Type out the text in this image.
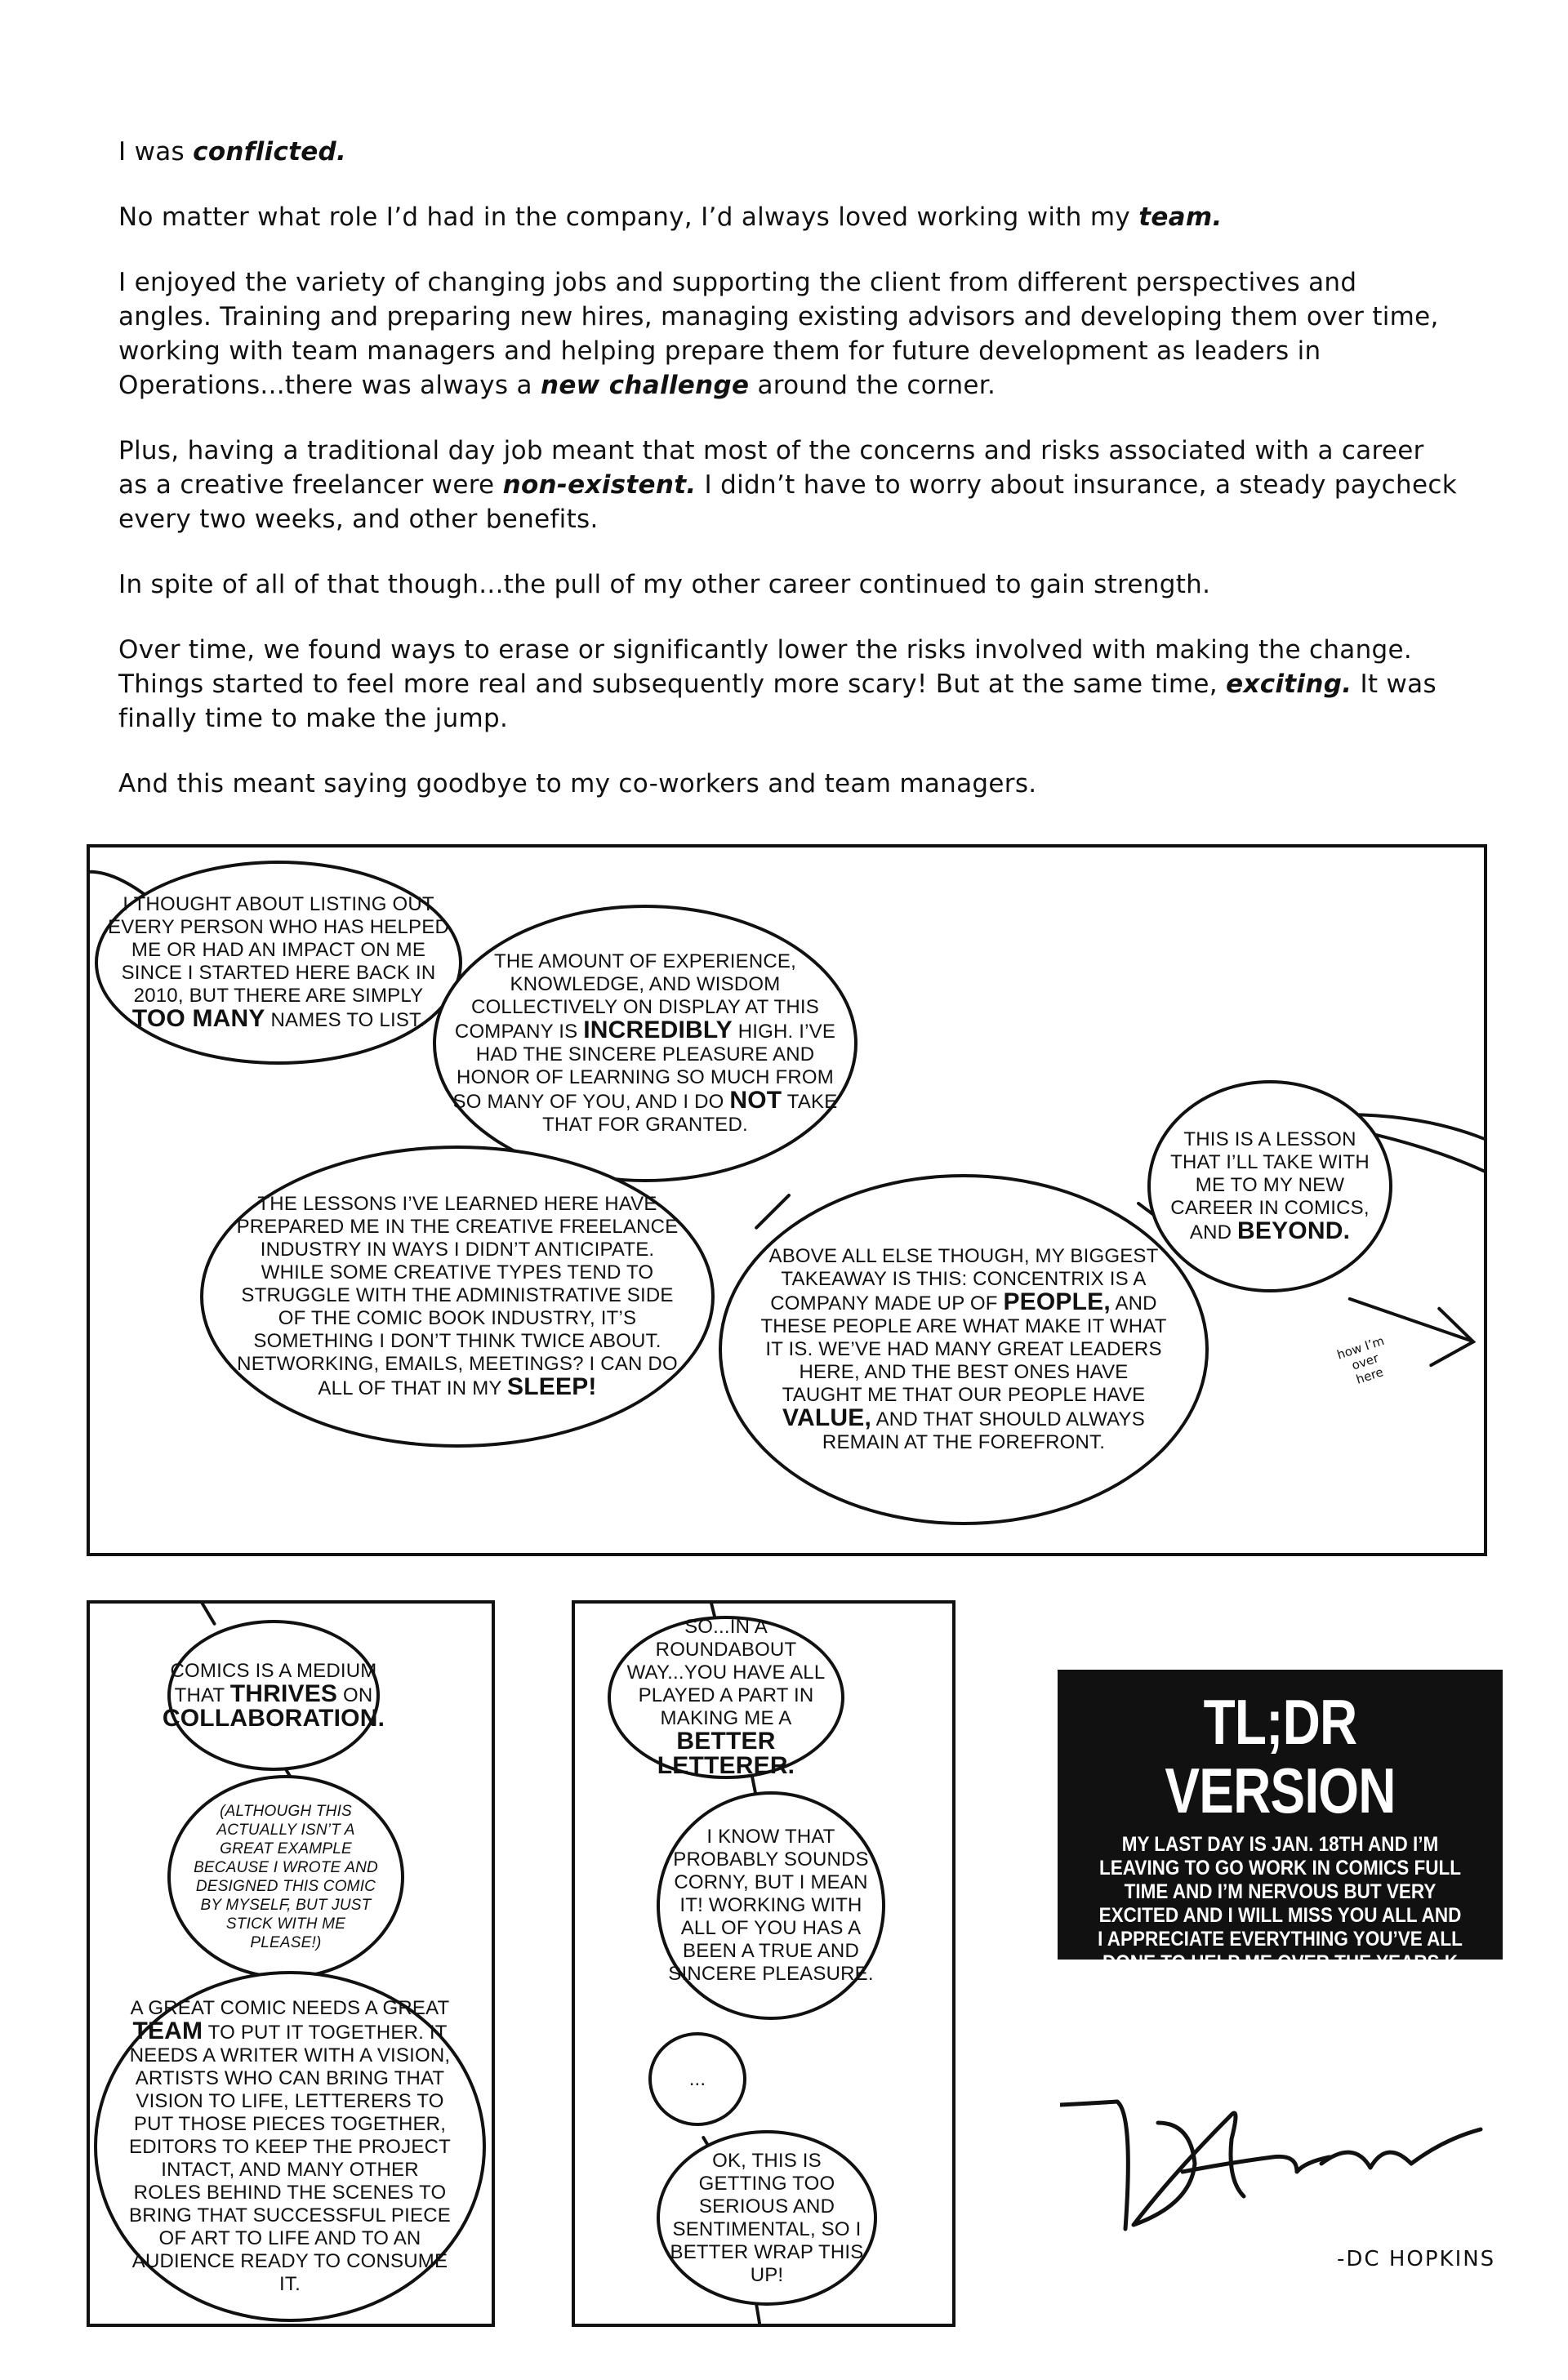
I was conflicted.

No matter what role I’d had in the company, I’d always loved working with my team.

I enjoyed the variety of changing jobs and supporting the client from different perspectives and angles. Training and preparing new hires, managing existing advisors and developing them over time, working with team managers and helping prepare them for future development as leaders in Operations...there was always a new challenge around the corner.

Plus, having a traditional day job meant that most of the concerns and risks associated with a career as a creative freelancer were non-existent. I didn’t have to worry about insurance, a steady paycheck every two weeks, and other benefits.

In spite of all of that though...the pull of my other career continued to gain strength.

Over time, we found ways to erase or significantly lower the risks involved with making the change. Things started to feel more real and subsequently more scary! But at the same time, exciting. It was finally time to make the jump.

And this meant saying goodbye to my co-workers and team managers.

I THOUGHT ABOUT LISTING OUT EVERY PERSON WHO HAS HELPED ME OR HAD AN IMPACT ON ME SINCE I STARTED HERE BACK IN 2010, BUT THERE ARE SIMPLY TOO MANY NAMES TO LIST.
THE AMOUNT OF EXPERIENCE, KNOWLEDGE, AND WISDOM COLLECTIVELY ON DISPLAY AT THIS COMPANY IS INCREDIBLY HIGH. I’VE HAD THE SINCERE PLEASURE AND HONOR OF LEARNING SO MUCH FROM SO MANY OF YOU, AND I DO NOT TAKE THAT FOR GRANTED.
THE LESSONS I’VE LEARNED HERE HAVE PREPARED ME IN THE CREATIVE FREELANCE INDUSTRY IN WAYS I DIDN’T ANTICIPATE. WHILE SOME CREATIVE TYPES TEND TO STRUGGLE WITH THE ADMINISTRATIVE SIDE OF THE COMIC BOOK INDUSTRY, IT’S SOMETHING I DON’T THINK TWICE ABOUT. NETWORKING, EMAILS, MEETINGS? I CAN DO ALL OF THAT IN MY SLEEP!
ABOVE ALL ELSE THOUGH, MY BIGGEST TAKEAWAY IS THIS: CONCENTRIX IS A COMPANY MADE UP OF PEOPLE, AND THESE PEOPLE ARE WHAT MAKE IT WHAT IT IS. WE’VE HAD MANY GREAT LEADERS HERE, AND THE BEST ONES HAVE TAUGHT ME THAT OUR PEOPLE HAVE VALUE, AND THAT SHOULD ALWAYS REMAIN AT THE FOREFRONT.
THIS IS A LESSON THAT I’LL TAKE WITH ME TO MY NEW CAREER IN COMICS, AND BEYOND.
how I’m over here
COMICS IS A MEDIUM THAT THRIVES ON COLLABORATION.
(ALTHOUGH THIS ACTUALLY ISN’T A GREAT EXAMPLE BECAUSE I WROTE AND DESIGNED THIS COMIC BY MYSELF, BUT JUST STICK WITH ME PLEASE!)
A GREAT COMIC NEEDS A GREAT TEAM TO PUT IT TOGETHER. IT NEEDS A WRITER WITH A VISION, ARTISTS WHO CAN BRING THAT VISION TO LIFE, LETTERERS TO PUT THOSE PIECES TOGETHER, EDITORS TO KEEP THE PROJECT INTACT, AND MANY OTHER ROLES BEHIND THE SCENES TO BRING THAT SUCCESSFUL PIECE OF ART TO LIFE AND TO AN AUDIENCE READY TO CONSUME IT.
SO...IN A ROUNDABOUT WAY...YOU HAVE ALL PLAYED A PART IN MAKING ME A BETTER LETTERER.
I KNOW THAT PROBABLY SOUNDS CORNY, BUT I MEAN IT! WORKING WITH ALL OF YOU HAS A BEEN A TRUE AND SINCERE PLEASURE.
...
OK, THIS IS GETTING TOO SERIOUS AND SENTIMENTAL, SO I BETTER WRAP THIS UP!
TL;DR VERSION
MY LAST DAY IS JAN. 18TH AND I’M LEAVING TO GO WORK IN COMICS FULL TIME AND I’M NERVOUS BUT VERY EXCITED AND I WILL MISS YOU ALL AND I APPRECIATE EVERYTHING YOU’VE ALL DONE TO HELP ME OVER THE YEARS K LOVE YOU ALL BYYYYYYYEEEEEEEEE
-DC HOPKINS
